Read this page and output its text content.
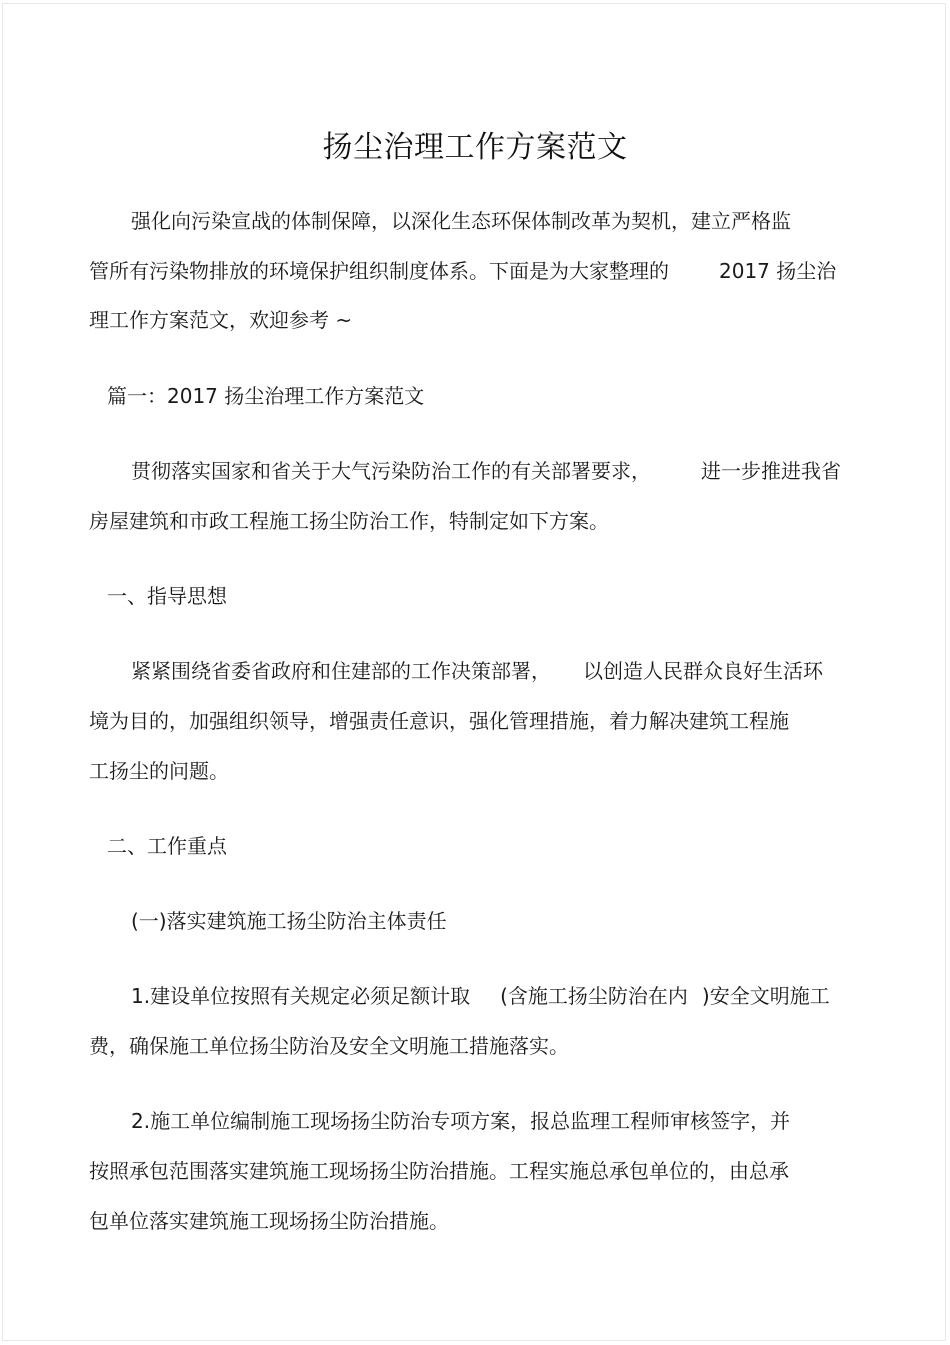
扬尘治理工作方案范文
强化向污染宣战的体制保障，以深化生态环保体制改革为契机，建立严格监
管所有污染物排放的环境保护组织制度体系。下面是为大家整理的	2017 扬尘治
理工作方案范文，欢迎参考 ~
篇一：2017 扬尘治理工作方案范文
贯彻落实国家和省关于大气污染防治工作的有关部署要求，	进一步推进我省
房屋建筑和市政工程施工扬尘防治工作，特制定如下方案。
一、指导思想
紧紧围绕省委省政府和住建部的工作决策部署， 以创造人民群众良好生活环
境为目的，加强组织领导，增强责任意识，强化管理措施，着力解决建筑工程施
工扬尘的问题。
二、工作重点
(一)落实建筑施工扬尘防治主体责任
1.建设单位按照有关规定必须足额计取 (含施工扬尘防治在内 )安全文明施工
费，确保施工单位扬尘防治及安全文明施工措施落实。
2.施工单位编制施工现场扬尘防治专项方案，报总监理工程师审核签字，并
按照承包范围落实建筑施工现场扬尘防治措施。工程实施总承包单位的，由总承
包单位落实建筑施工现场扬尘防治措施。
